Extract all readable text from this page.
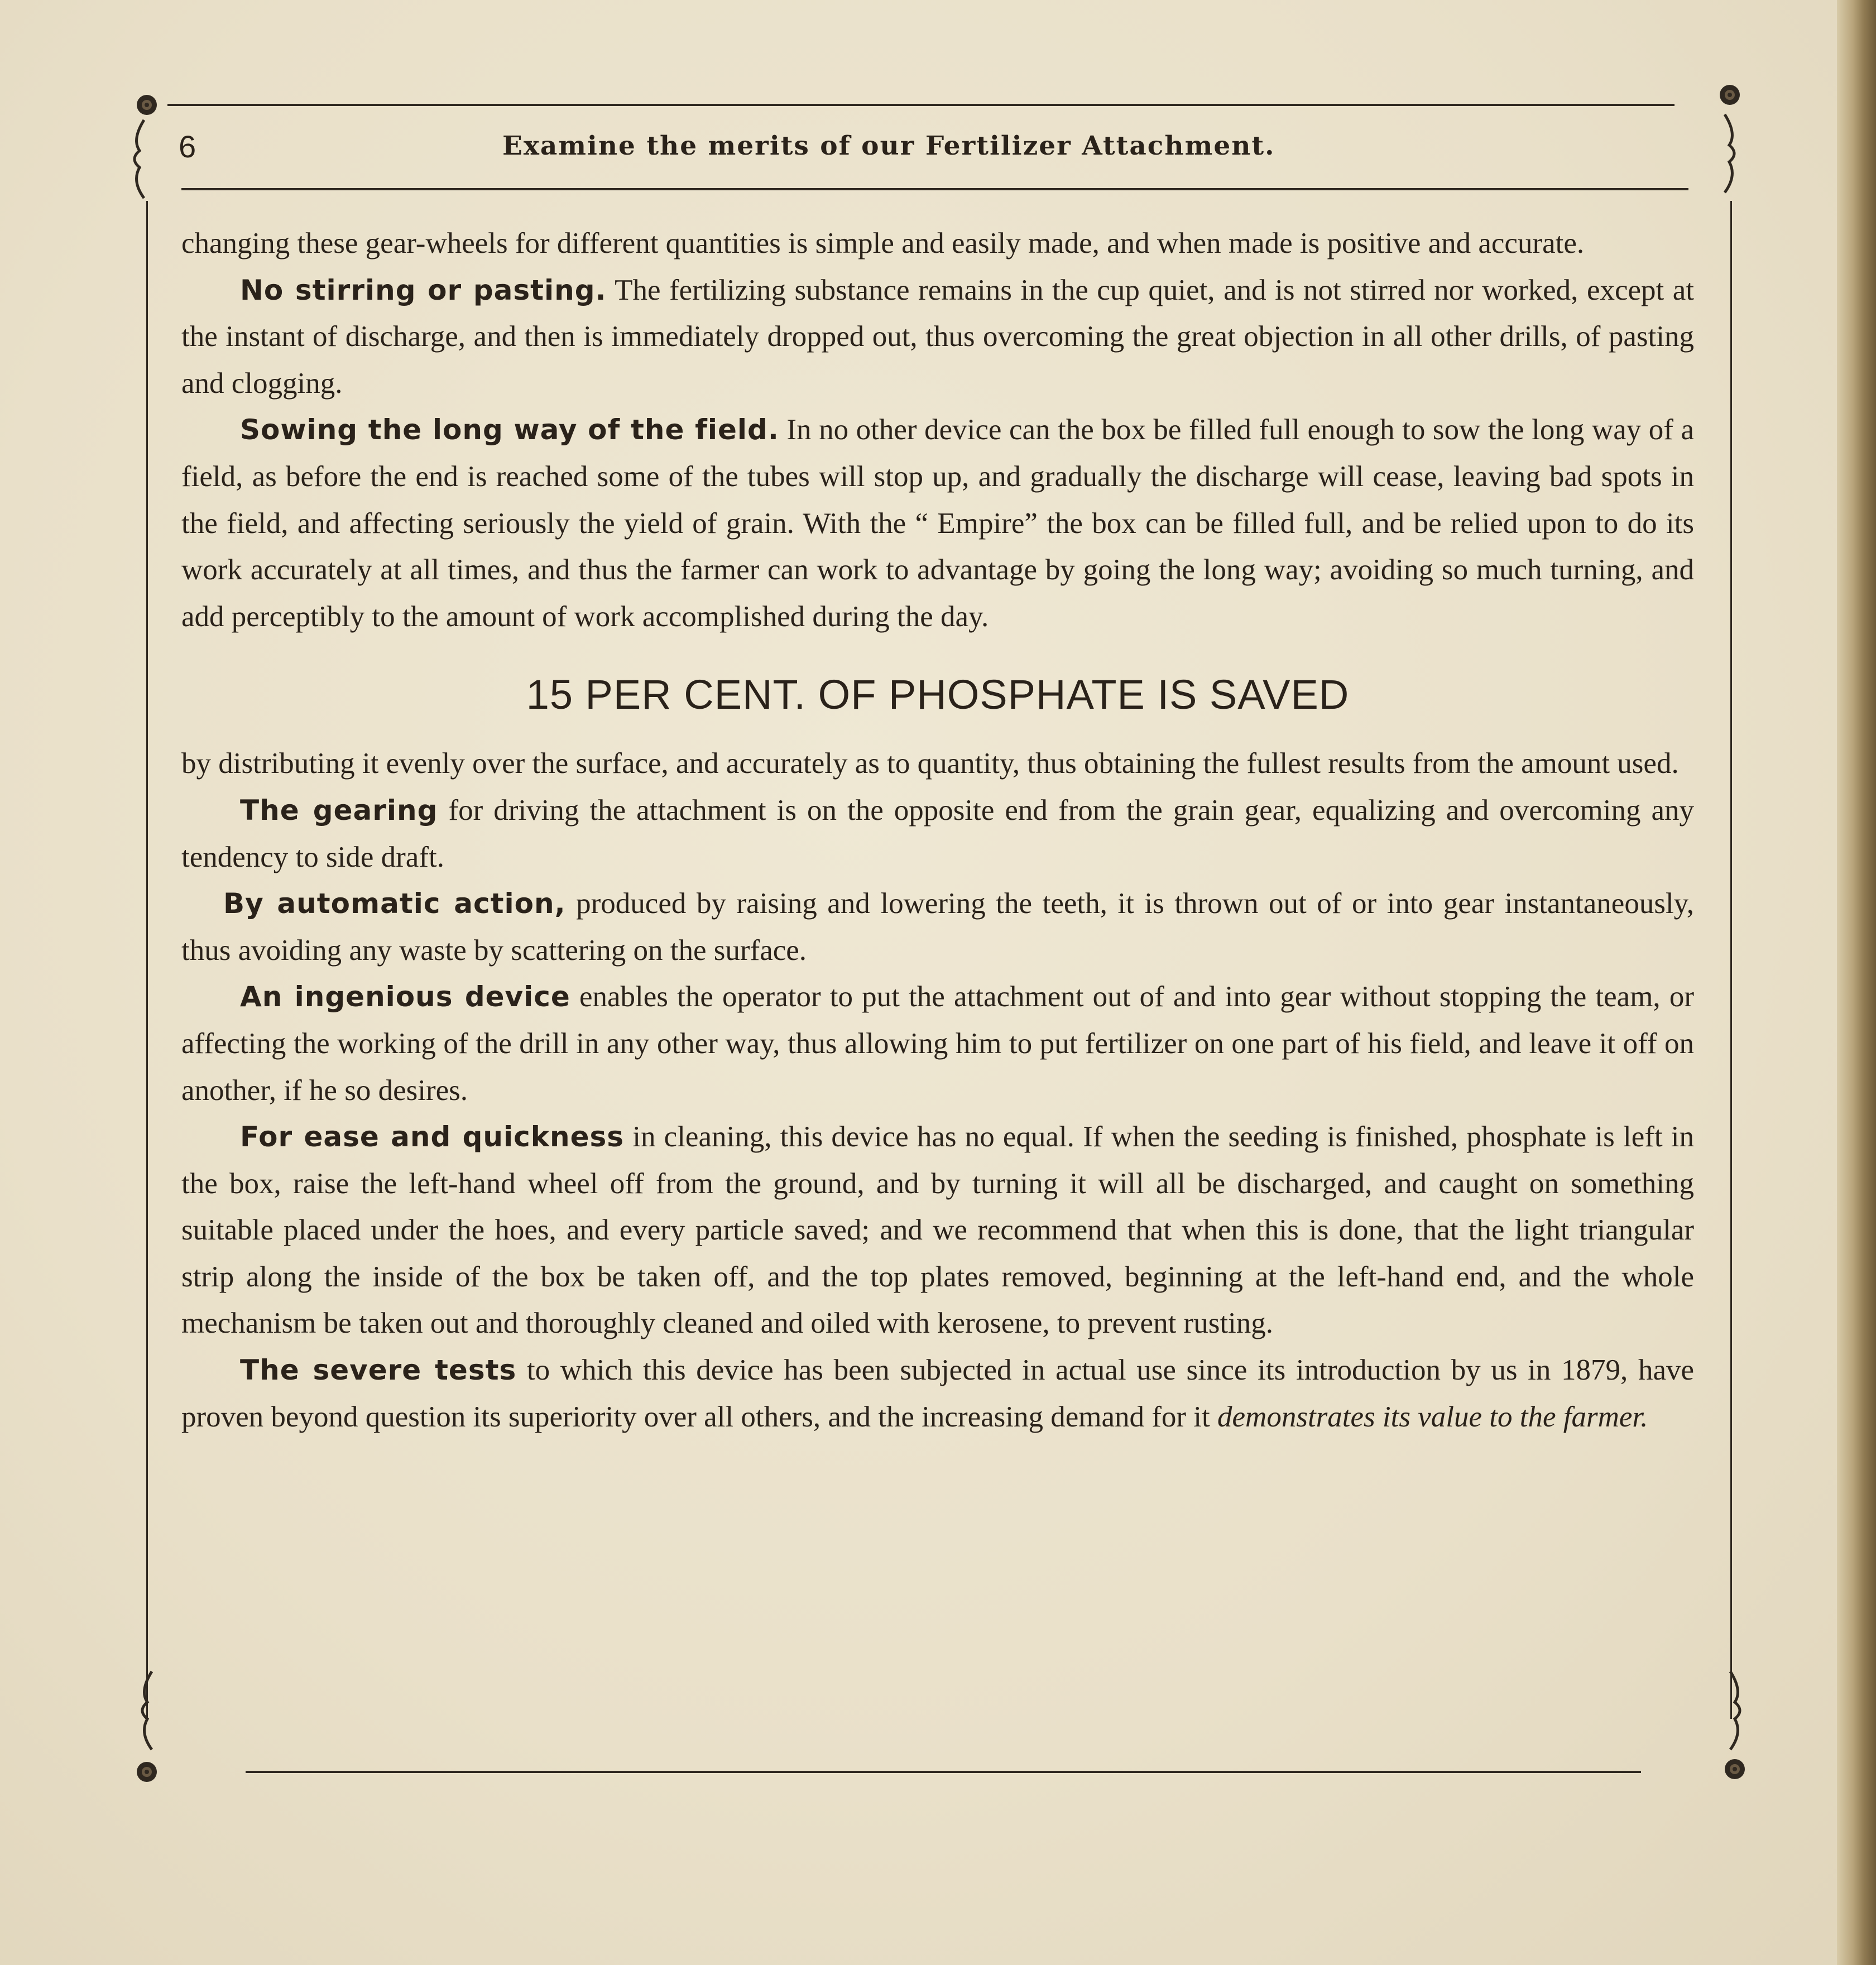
6	Examine the merits of our Fertilizer Attachment.

changing these gear-wheels for different quantities is simple and easily made, and when made is positive and accurate.

No stirring or pasting. The fertilizing substance remains in the cup quiet, and is not stirred nor worked, except at the instant of discharge, and then is immediately dropped out, thus overcoming the great objection in all other drills, of pasting and clogging.

Sowing the long way of the field. In no other device can the box be filled full enough to sow the long way of a field, as before the end is reached some of the tubes will stop up, and gradually the discharge will cease, leaving bad spots in the field, and affecting seriously the yield of grain. With the “ Empire” the box can be filled full, and be relied upon to do its work accurately at all times, and thus the farmer can work to advantage by going the long way; avoiding so much turning, and add perceptibly to the amount of work accomplished during the day.

15 PER CENT. OF PHOSPHATE IS SAVED

by distributing it evenly over the surface, and accurately as to quantity, thus obtaining the fullest results from the amount used.

The gearing for driving the attachment is on the opposite end from the grain gear, equalizing and overcoming any tendency to side draft.

By automatic action, produced by raising and lowering the teeth, it is thrown out of or into gear instantaneously, thus avoiding any waste by scattering on the surface.

An ingenious device enables the operator to put the attachment out of and into gear without stopping the team, or affecting the working of the drill in any other way, thus allowing him to put fertilizer on one part of his field, and leave it off on another, if he so desires.

For ease and quickness in cleaning, this device has no equal. If when the seeding is finished, phosphate is left in the box, raise the left-hand wheel off from the ground, and by turning it will all be discharged, and caught on something suitable placed under the hoes, and every particle saved; and we recommend that when this is done, that the light triangular strip along the inside of the box be taken off, and the top plates removed, beginning at the left-hand end, and the whole mechanism be taken out and thoroughly cleaned and oiled with kerosene, to prevent rusting.

The severe tests to which this device has been subjected in actual use since its introduction by us in 1879, have proven beyond question its superiority over all others, and the increasing demand for it demonstrates its value to the farmer.
